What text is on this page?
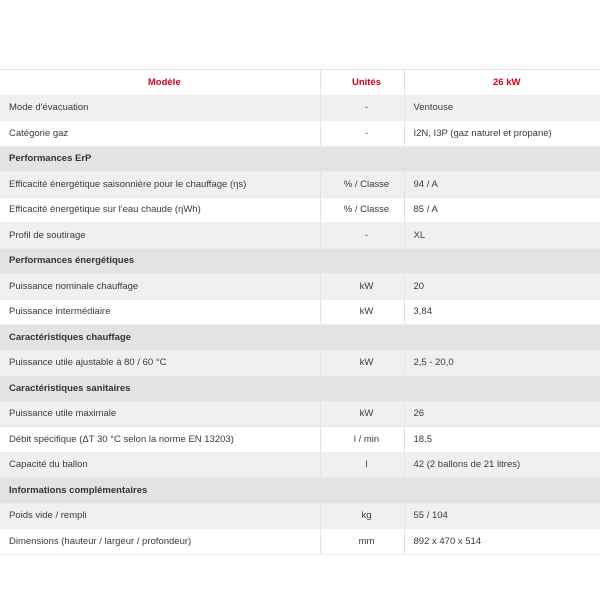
Modèle	Unités	26 kW
Mode d'évacuation	-	Ventouse
Catégorie gaz	-	I2N, I3P (gaz naturel et propane)
Performances ErP		
Efficacité énergétique saisonnière pour le chauffage (ηs)	% / Classe	94 / A
Efficacité énergétique sur l'eau chaude (ηWh)	% / Classe	85 / A
Profil de soutirage	-	XL
Performances énergétiques		
Puissance nominale chauffage	kW	20
Puissance intermédiaire	kW	3,84
Caractéristiques chauffage		
Puissance utile ajustable à 80 / 60 °C	kW	2,5 - 20,0
Caractéristiques sanitaires		
Puissance utile maximale	kW	26
Débit spécifique (ΔT 30 °C selon la norme EN 13203)	l / min	18,5
Capacité du ballon	l	42 (2 ballons de 21 litres)
Informations complémentaires		
Poids vide / rempli	kg	55 / 104
Dimensions (hauteur / largeur / profondeur)	mm	892 x 470 x 514
